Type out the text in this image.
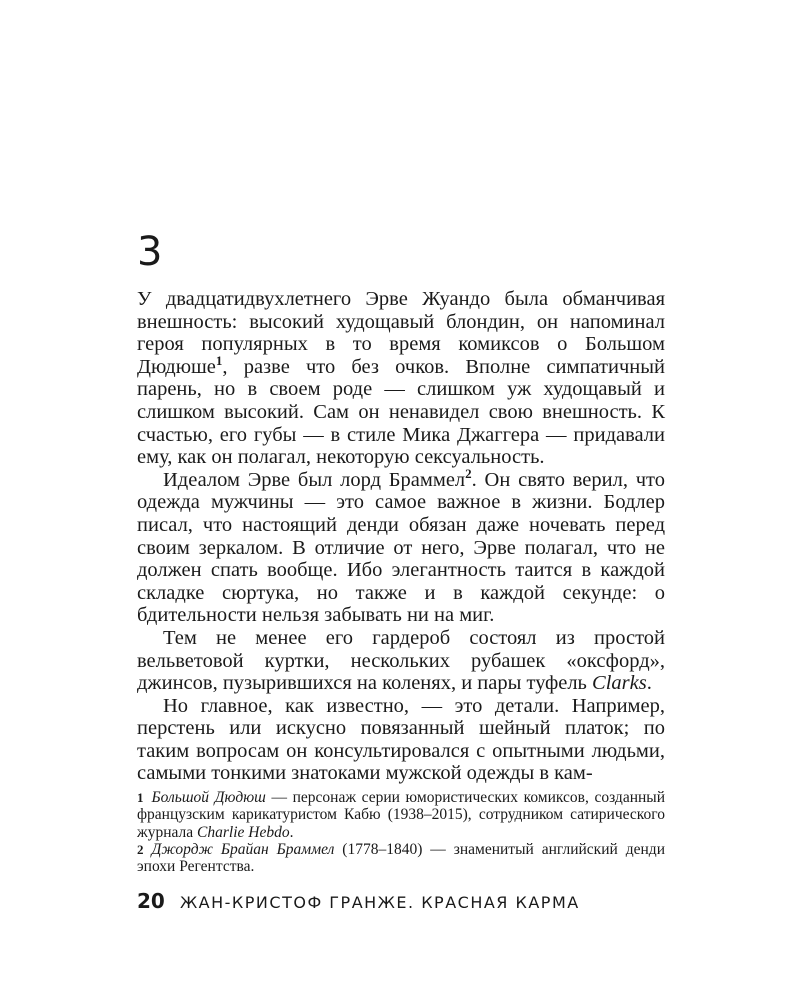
3

У двадцатидвухлетнего Эрве Жуандо была обманчивая внешность: высокий худощавый блондин, он напоминал героя популярных в то время комиксов о Большом Дюдюше$^1$, разве что без очков. Вполне симпатичный парень, но в своем роде — слишком уж худощавый и слишком высокий. Сам он ненавидел свою внешность. К счастью, его губы — в стиле Мика Джаггера — придавали ему, как он полагал, некоторую сексуальность.

Идеалом Эрве был лорд Браммел$^2$. Он свято верил, что одежда мужчины — это самое важное в жизни. Бодлер писал, что настоящий денди обязан даже ночевать перед своим зеркалом. В отличие от него, Эрве полагал, что не должен спать вообще. Ибо элегантность таится в каждой складке сюртука, но также и в каждой секунде: о бдительности нельзя забывать ни на миг.

Тем не менее его гардероб состоял из простой вельветовой куртки, нескольких рубашек «оксфорд», джинсов, пузырившихся на коленях, и пары туфель Clarks.

Но главное, как известно, — это детали. Например, перстень или искусно повязанный шейный платок; по таким вопросам он консультировался с опытными людьми, самыми тонкими знатоками мужской одежды в кам-

1 Большой Дюдюш — персонаж серии юмористических комиксов, созданный французским карикатуристом Кабю (1938–2015), сотрудником сатирического журнала Charlie Hebdo.

2 Джордж Брайан Браммел (1778–1840) — знаменитый английский денди эпохи Регентства.

20 ЖАН-КРИСТОФ ГРАНЖЕ. КРАСНАЯ КАРМА
